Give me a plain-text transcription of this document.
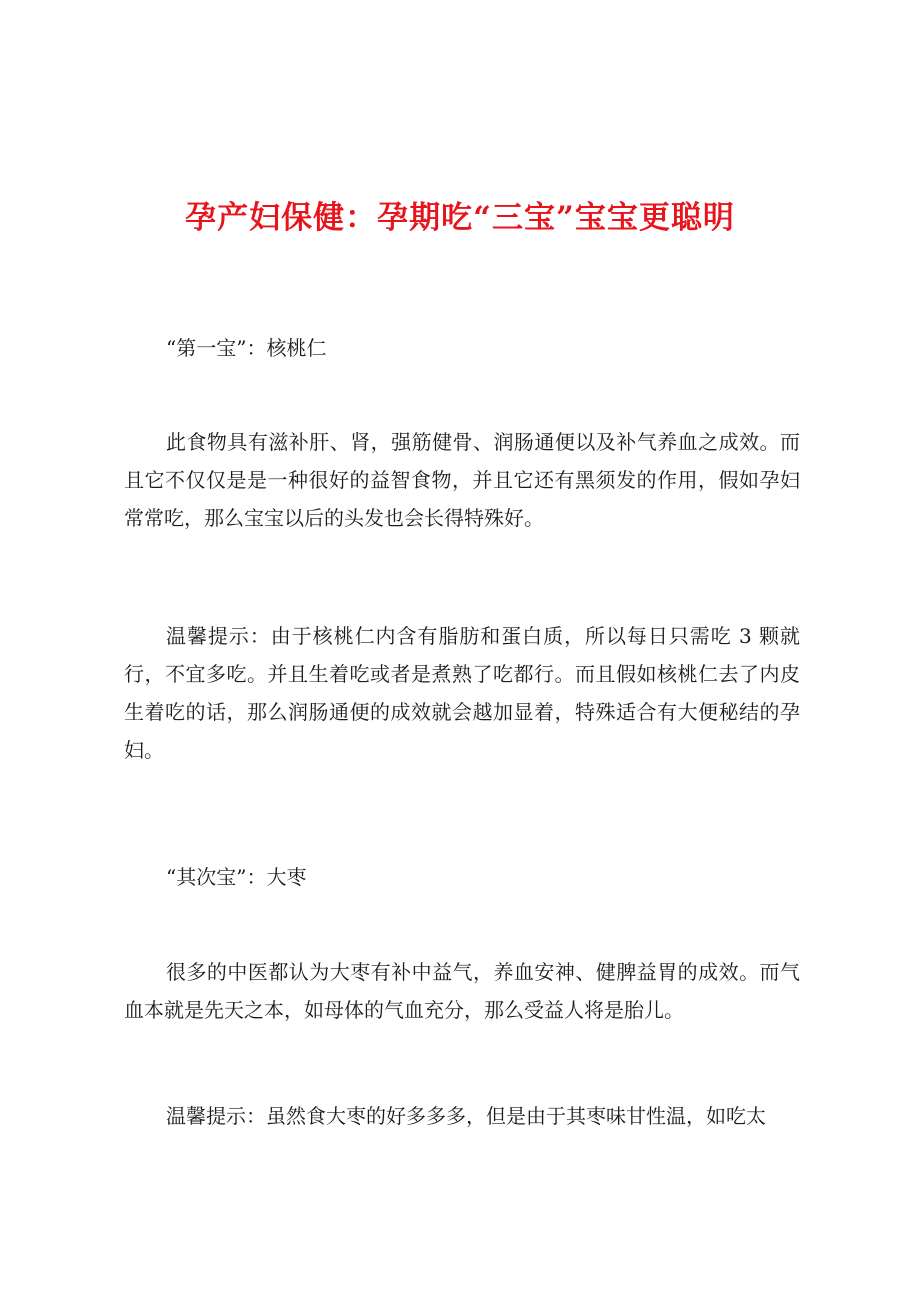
孕产妇保健：孕期吃“三宝”宝宝更聪明

“第一宝”：核桃仁

此食物具有滋补肝、肾，强筋健骨、润肠通便以及补气养血之成效。而且它不仅仅是是一种很好的益智食物，并且它还有黑须发的作用，假如孕妇常常吃，那么宝宝以后的头发也会长得特殊好。

温馨提示：由于核桃仁内含有脂肪和蛋白质，所以每日只需吃 3 颗就行，不宜多吃。并且生着吃或者是煮熟了吃都行。而且假如核桃仁去了内皮生着吃的话，那么润肠通便的成效就会越加显着，特殊适合有大便秘结的孕妇。

“其次宝”：大枣

很多的中医都认为大枣有补中益气，养血安神、健脾益胃的成效。而气血本就是先天之本，如母体的气血充分，那么受益人将是胎儿。

温馨提示：虽然食大枣的好多多多，但是由于其枣味甘性温，如吃太
